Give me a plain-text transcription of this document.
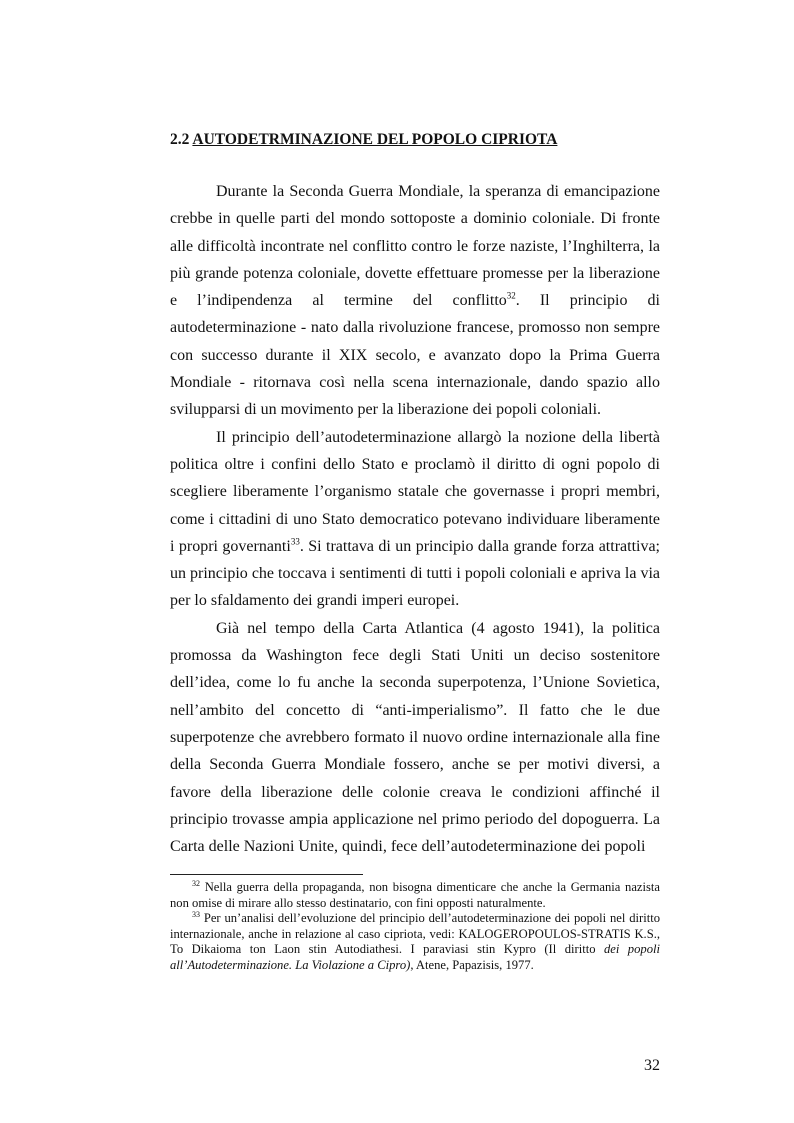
2.2 AUTODETRMINAZIONE DEL POPOLO CIPRIOTA

Durante la Seconda Guerra Mondiale, la speranza di emancipazione crebbe in quelle parti del mondo sottoposte a dominio coloniale. Di fronte alle difficoltà incontrate nel conflitto contro le forze naziste, l’Inghilterra, la più grande potenza coloniale, dovette effettuare promesse per la liberazione e l’indipendenza al termine del conflitto$^{32}$. Il principio di autodeterminazione - nato dalla rivoluzione francese, promosso non sempre con successo durante il XIX secolo, e avanzato dopo la Prima Guerra Mondiale - ritornava così nella scena internazionale, dando spazio allo svilupparsi di un movimento per la liberazione dei popoli coloniali.

Il principio dell’autodeterminazione allargò la nozione della libertà politica oltre i confini dello Stato e proclamò il diritto di ogni popolo di scegliere liberamente l’organismo statale che governasse i propri membri, come i cittadini di uno Stato democratico potevano individuare liberamente i propri governanti$^{33}$. Si trattava di un principio dalla grande forza attrattiva; un principio che toccava i sentimenti di tutti i popoli coloniali e apriva la via per lo sfaldamento dei grandi imperi europei.

Già nel tempo della Carta Atlantica (4 agosto 1941), la politica promossa da Washington fece degli Stati Uniti un deciso sostenitore dell’idea, come lo fu anche la seconda superpotenza, l’Unione Sovietica, nell’ambito del concetto di “anti-imperialismo”. Il fatto che le due superpotenze che avrebbero formato il nuovo ordine internazionale alla fine della Seconda Guerra Mondiale fossero, anche se per motivi diversi, a favore della liberazione delle colonie creava le condizioni affinché il principio trovasse ampia applicazione nel primo periodo del dopoguerra. La Carta delle Nazioni Unite, quindi, fece dell’autodeterminazione dei popoli

$^{32}$ Nella guerra della propaganda, non bisogna dimenticare che anche la Germania nazista non omise di mirare allo stesso destinatario, con fini opposti naturalmente.

$^{33}$ Per un’analisi dell’evoluzione del principio dell’autodeterminazione dei popoli nel diritto internazionale, anche in relazione al caso cipriota, vedi: KALOGEROPOULOS-STRATIS K.S., To Dikaioma ton Laon stin Autodiathesi. I paraviasi stin Kypro (Il diritto dei popoli all’Autodeterminazione. La Violazione a Cipro), Atene, Papazisis, 1977.

32
